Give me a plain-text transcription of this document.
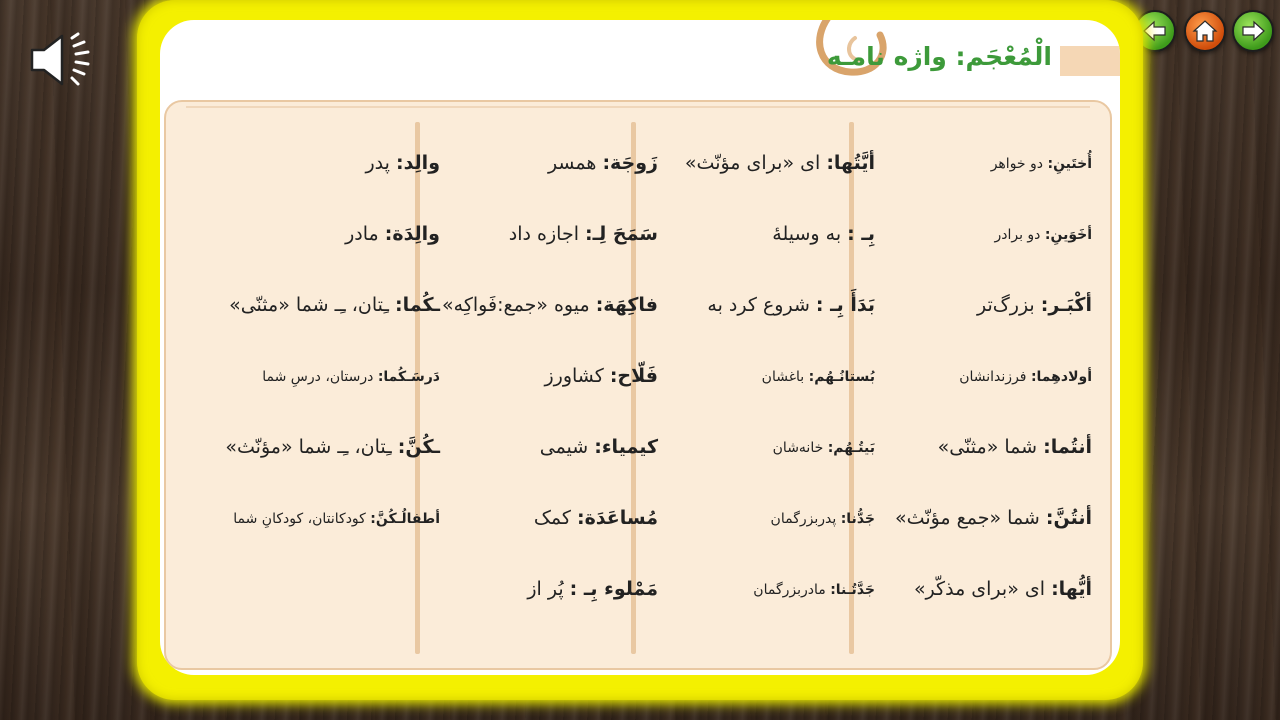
الْمُعْجَم: واژه نامـه
أُختَينِ: دو خواهر
أخَوَينِ: دو برادر
أكْبَـر: بزرگ‌تر
أولادهِما: فرزندانشان
أنتُما: شما «مثنّی»
أنتُنَّ: شما «جمع مؤنّث»
أيُّها: ای «برای مذکّر»
أيَّتُها: ای «برای مؤنّث»
بِـ : به وسیلهٔ
بَدَأَ بِـ : شروع کرد به
بُستانُـهُم: باغشان
بَيتُـهُم: خانه‌شان
جَدُّنا: پدربزرگمان
جَدَّتُـنا: مادربزرگمان
زَوجَة: همسر
سَمَحَ لِـ: اجازه داد
فاكِهَة: میوه «جمع:فَواكِه»
فَلّاح: کشاورز
كيمياء: شیمی
مُساعَدَة: کمک
مَمْلوء بِـ : پُر از
والِد: پدر
والِدَة: مادر
ـكُما: ـِتان، ـِـ شما «مثنّی»
دَرسَـكُما: درستان، درسِ شما
ـكُنَّ: ـِتان، ـِـ شما «مؤنّث»
أطفالُـكُنَّ: کودکانتان، کودکانِ شما
